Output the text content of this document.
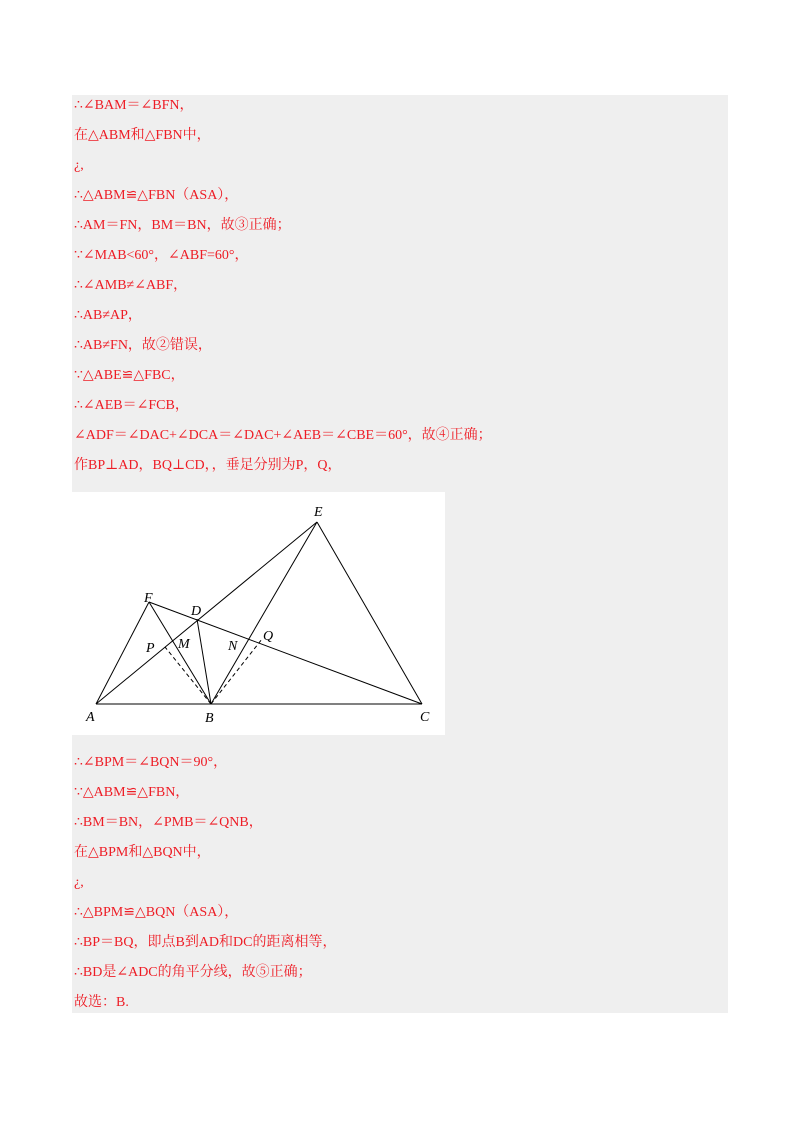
∴∠BAM＝∠BFN，
在△ABM和△FBN中，
¿,
∴△ABM≌△FBN（ASA），
∴AM＝FN，BM＝BN，故③正确；
∵∠MAB<60°，∠ABF=60°，
∴∠AMB≠∠ABF，
∴AB≠AP，
∴AB≠FN，故②错误，
∵△ABE≌△FBC，
∴∠AEB＝∠FCB，
∠ADF＝∠DAC+∠DCA＝∠DAC+∠AEB＝∠CBE＝60°，故④正确；
作BP⊥AD，BQ⊥CD，，垂足分别为P，Q，
E
F
D
M
P	N
Q
A	B	C
∴∠BPM＝∠BQN＝90°，
∵△ABM≌△FBN，
∴BM＝BN，∠PMB＝∠QNB，
在△BPM和△BQN中，
¿,
∴△BPM≌△BQN（ASA），
∴BP＝BQ，即点B到AD和DC的距离相等，
∴BD是∠ADC的角平分线，故⑤正确；
故选：B.
